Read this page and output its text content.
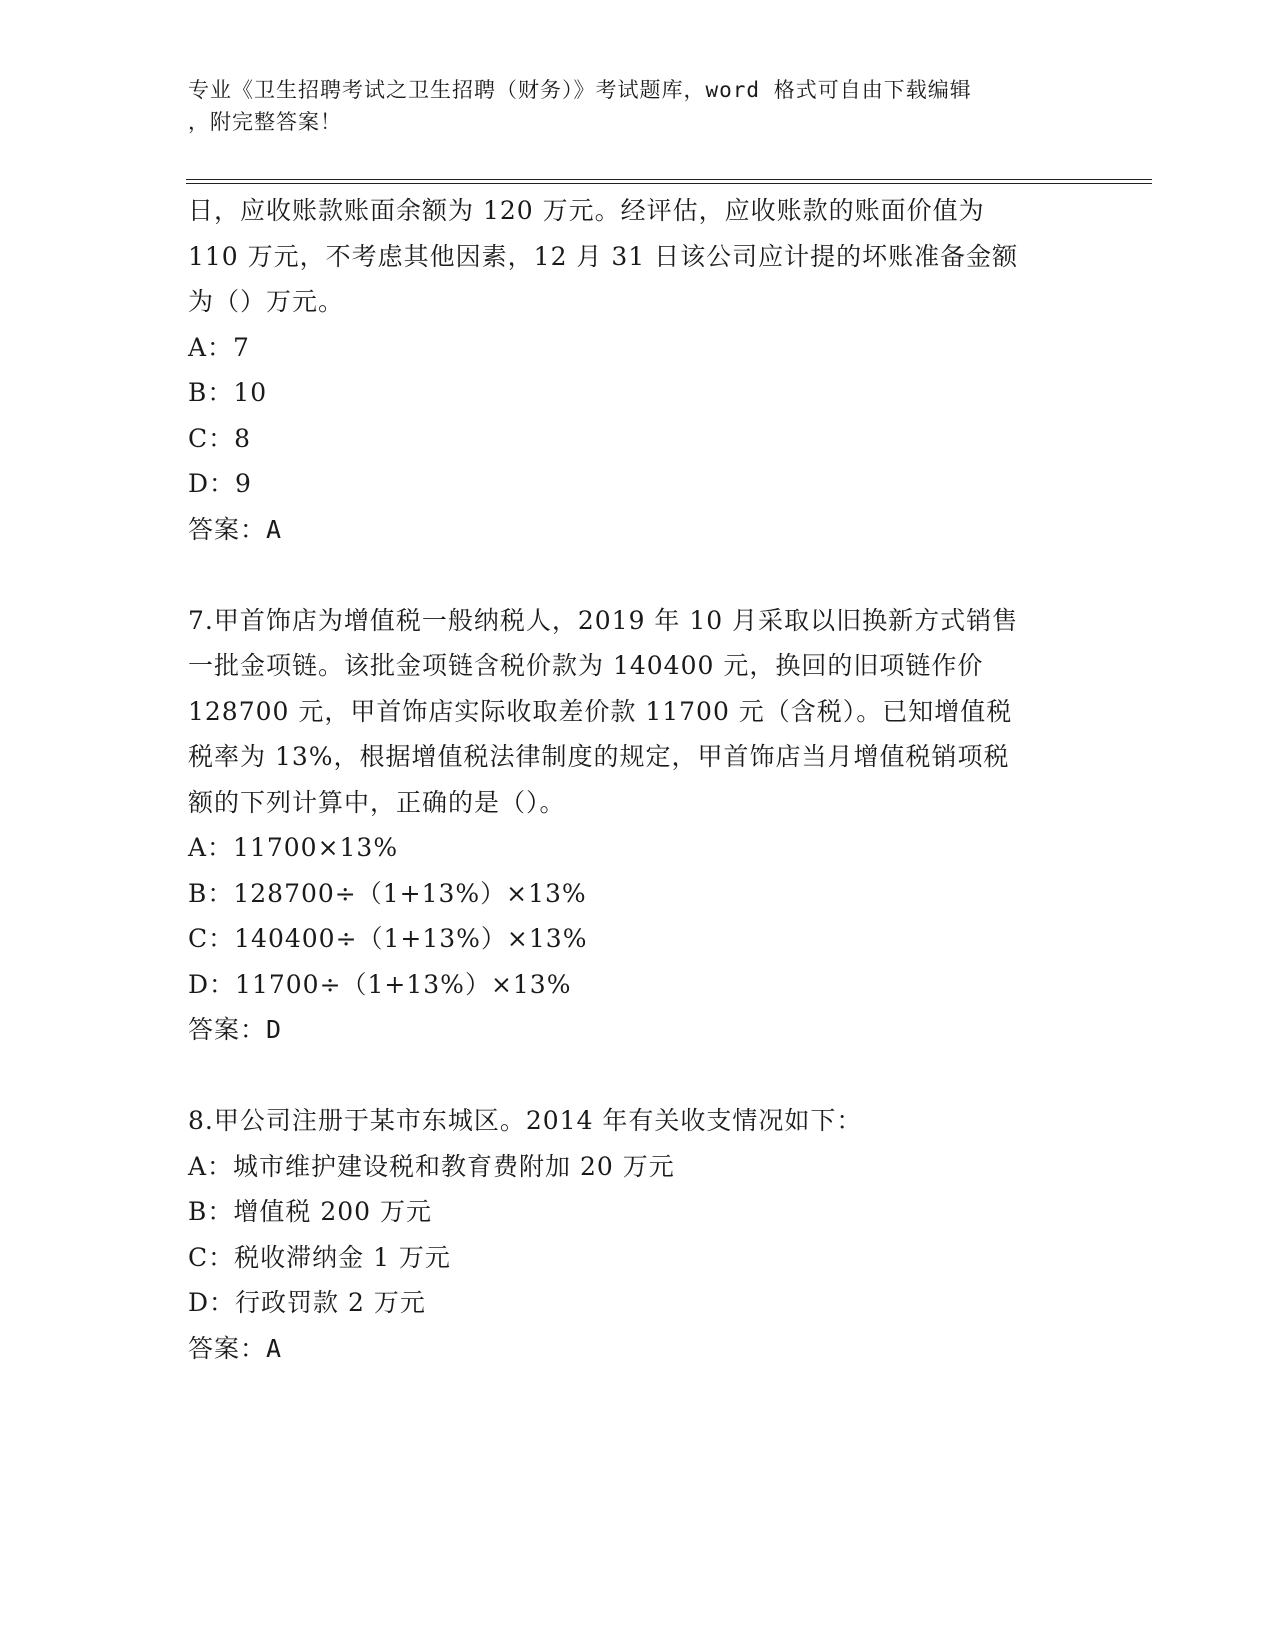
专业《卫生招聘考试之卫生招聘（财务）》考试题库，word 格式可自由下载编辑
，附完整答案！
日，应收账款账面余额为 120 万元。经评估，应收账款的账面价值为
110 万元，不考虑其他因素，12 月 31 日该公司应计提的坏账准备金额
为（）万元。
A：7
B：10
C：8
D：9
答案：A
7.甲首饰店为增值税一般纳税人，2019 年 10 月采取以旧换新方式销售
一批金项链。该批金项链含税价款为 140400 元，换回的旧项链作价
128700 元，甲首饰店实际收取差价款 11700 元（含税）。已知增值税
税率为 13%，根据增值税法律制度的规定，甲首饰店当月增值税销项税
额的下列计算中，正确的是（）。
A：11700×13%
B：128700÷（1+13%）×13%
C：140400÷（1+13%）×13%
D：11700÷（1+13%）×13%
答案：D
8.甲公司注册于某市东城区。2014 年有关收支情况如下：
A：城市维护建设税和教育费附加 20 万元
B：增值税 200 万元
C：税收滞纳金 1 万元
D：行政罚款 2 万元
答案：A
